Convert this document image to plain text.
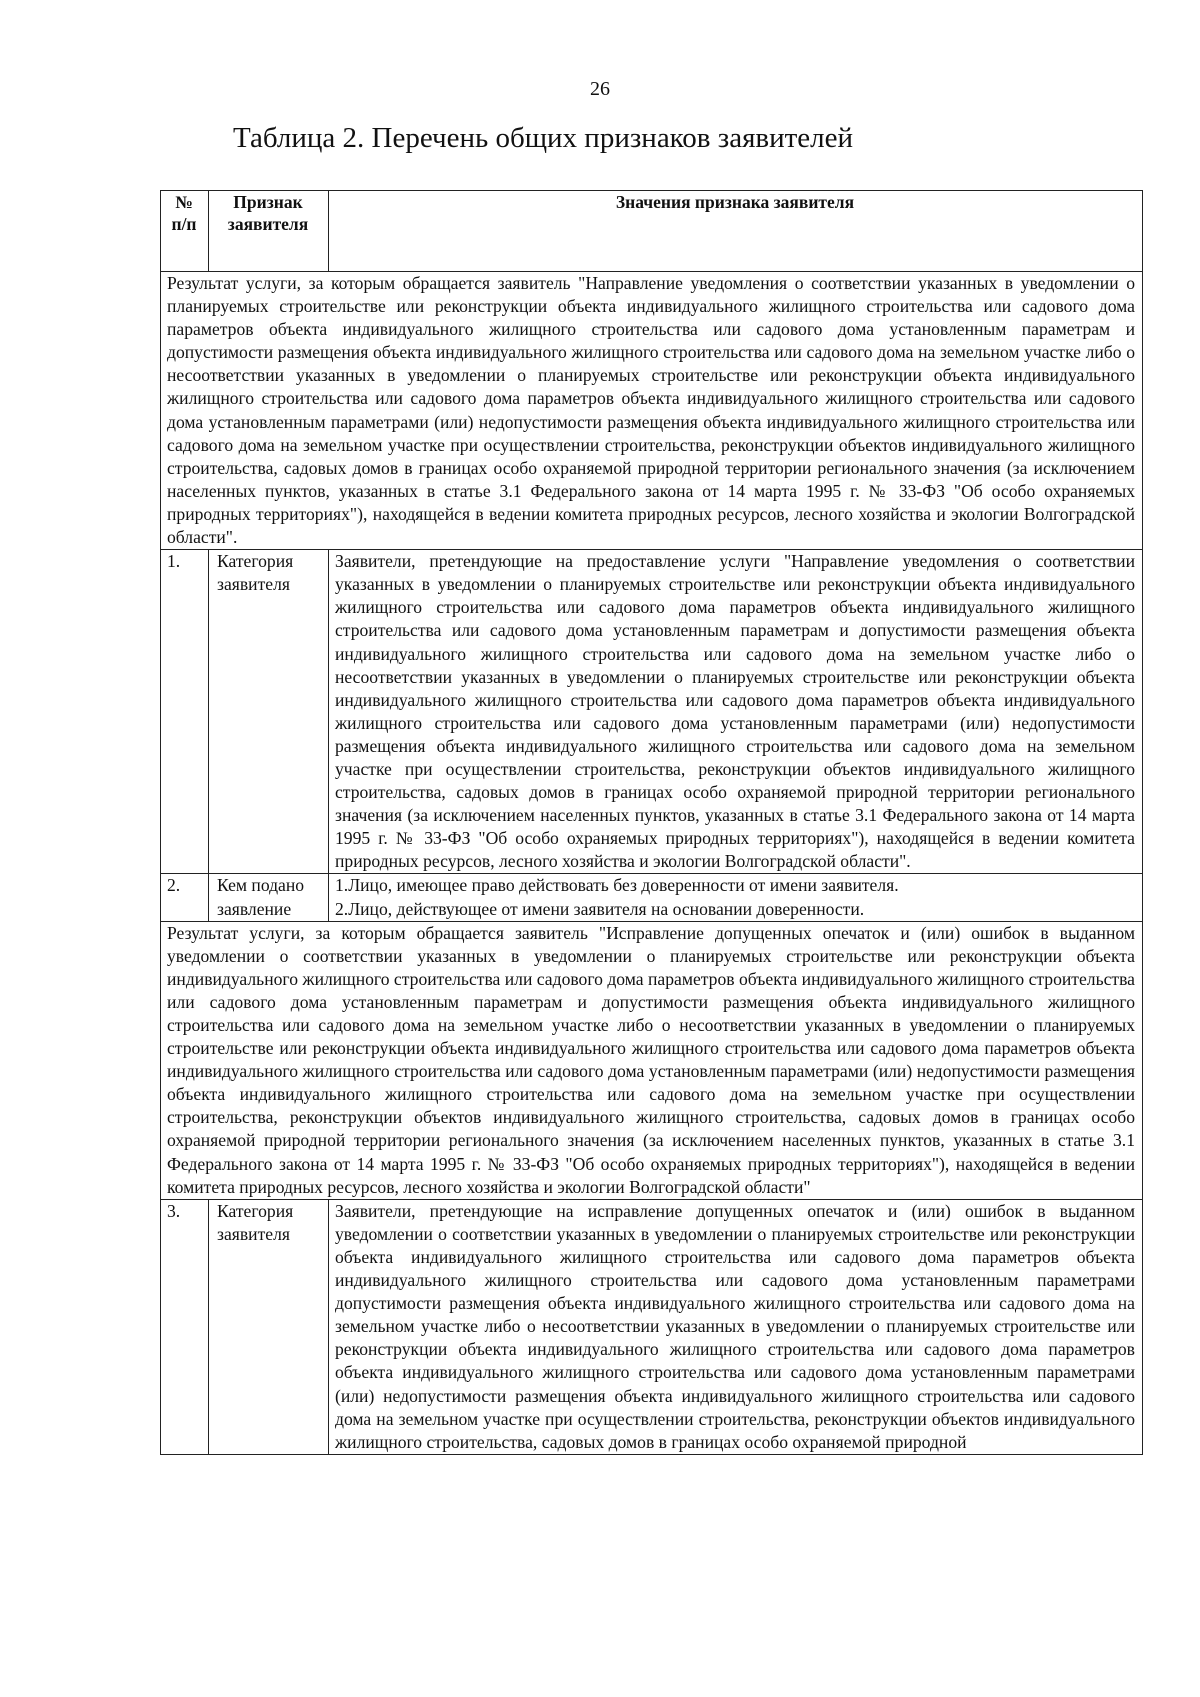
26
Таблица 2. Перечень общих признаков заявителей
№ п/п	Признак заявителя	Значения признака заявителя
Результат услуги, за которым обращается заявитель "Направление уведомления о соответствии указанных в уведомлении о планируемых строительстве или реконструкции объекта индивидуального жилищного строительства или садового дома параметров объекта индивидуального жилищного строительства или садового дома установленным параметрам и допустимости размещения объекта индивидуального жилищного строительства или садового дома на земельном участке либо о несоответствии указанных в уведомлении о планируемых строительстве или реконструкции объекта индивидуального жилищного строительства или садового дома параметров объекта индивидуального жилищного строительства или садового дома установленным параметрами (или) недопустимости размещения объекта индивидуального жилищного строительства или садового дома на земельном участке при осуществлении строительства, реконструкции объектов индивидуального жилищного строительства, садовых домов в границах особо охраняемой природной территории регионального значения (за исключением населенных пунктов, указанных в статье 3.1 Федерального закона от 14 марта 1995 г. № 33-ФЗ "Об особо охраняемых природных территориях"), находящейся в ведении комитета природных ресурсов, лесного хозяйства и экологии Волгоградской области".		
1.	Категория заявителя	Заявители, претендующие на предоставление услуги "Направление уведомления о соответствии указанных в уведомлении о планируемых строительстве или реконструкции объекта индивидуального жилищного строительства или садового дома параметров объекта индивидуального жилищного строительства или садового дома установленным параметрам и допустимости размещения объекта индивидуального жилищного строительства или садового дома на земельном участке либо о несоответствии указанных в уведомлении о планируемых строительстве или реконструкции объекта индивидуального жилищного строительства или садового дома параметров объекта индивидуального жилищного строительства или садового дома установленным параметрами (или) недопустимости размещения объекта индивидуального жилищного строительства или садового дома на земельном участке при осуществлении строительства, реконструкции объектов индивидуального жилищного строительства, садовых домов в границах особо охраняемой природной территории регионального значения (за исключением населенных пунктов, указанных в статье 3.1 Федерального закона от 14 марта 1995 г. № 33-ФЗ "Об особо охраняемых природных территориях"), находящейся в ведении комитета природных ресурсов, лесного хозяйства и экологии Волгоградской области".
2.	Кем подано заявление	1.Лицо, имеющее право действовать без доверенности от имени заявителя.
2.Лицо, действующее от имени заявителя на основании доверенности.

Результат услуги, за которым обращается заявитель "Исправление допущенных опечаток и (или) ошибок в выданном уведомлении о соответствии указанных в уведомлении о планируемых строительстве или реконструкции объекта индивидуального жилищного строительства или садового дома параметров объекта индивидуального жилищного строительства или садового дома установленным параметрам и допустимости размещения объекта индивидуального жилищного строительства или садового дома на земельном участке либо о несоответствии указанных в уведомлении о планируемых строительстве или реконструкции объекта индивидуального жилищного строительства или садового дома параметров объекта индивидуального жилищного строительства или садового дома установленным параметрами (или) недопустимости размещения объекта индивидуального жилищного строительства или садового дома на земельном участке при осуществлении строительства, реконструкции объектов индивидуального жилищного строительства, садовых домов в границах особо охраняемой природной территории регионального значения (за исключением населенных пунктов, указанных в статье 3.1 Федерального закона от 14 марта 1995 г. № 33-ФЗ "Об особо охраняемых природных территориях"), находящейся в ведении комитета природных ресурсов, лесного хозяйства и экологии Волгоградской области"		
3.	Категория заявителя	Заявители, претендующие на исправление допущенных опечаток и (или) ошибок в выданном уведомлении о соответствии указанных в уведомлении о планируемых строительстве или реконструкции объекта индивидуального жилищного строительства или садового дома параметров объекта индивидуального жилищного строительства или садового дома установленным параметрами допустимости размещения объекта индивидуального жилищного строительства или садового дома на земельном участке либо о несоответствии указанных в уведомлении о планируемых строительстве или реконструкции объекта индивидуального жилищного строительства или садового дома параметров объекта индивидуального жилищного строительства или садового дома установленным параметрами (или) недопустимости размещения объекта индивидуального жилищного строительства или садового дома на земельном участке при осуществлении строительства, реконструкции объектов индивидуального жилищного строительства, садовых домов в границах особо охраняемой природной
